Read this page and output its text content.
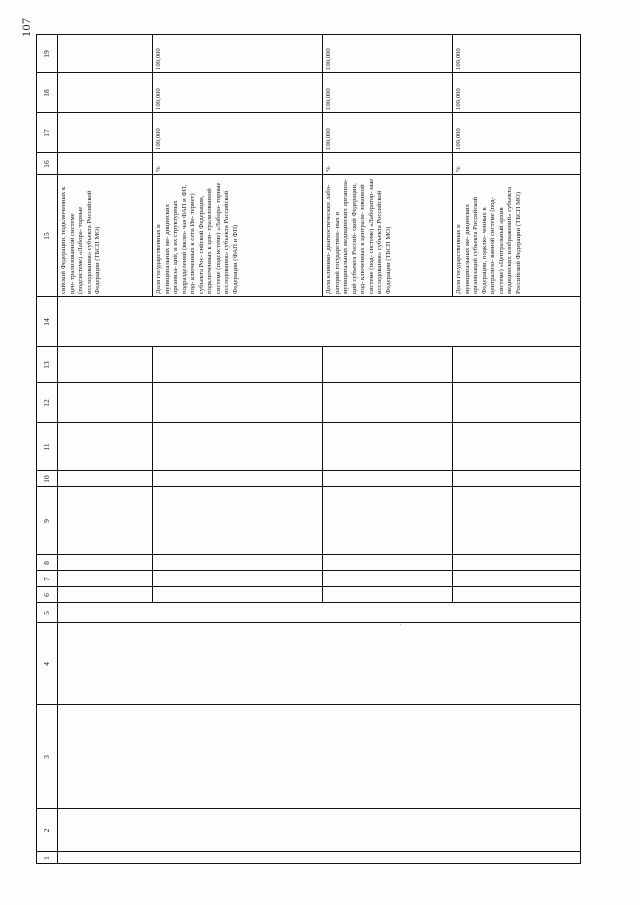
107
1
2
3
4
5
6
7
8
9
10
11
12
13
14
15
16
17
18
19
сийской Федерации, подключенных к цен- трализованной системе (подсистеме) «Лабора- торные исследования» субъекта Российской Федерации (ТБСП МО)	Доля государственных и муниципальных ме- дицинских организа- ций, и их структурных подразделений (вклю- чая ФАП и ФП, под- ключенных к сети Ин- тернет) субъекта Рос- сийской Федерации, подключенных к цен- трализованной системе (подсистеме) «Лабора- торные исследования» субъекта Российской Федерации (ФАП и ФП)
%
100,000
100,000
100,000
Доля клинико- диагностических лабо- раторий государствен- ных и муниципальных медицинских организа- ций субъекта Россий- ской Федерации, под- ключенных к централи- зованной системе (под- системе) «Лаборатор- ные исследования» субъекта Российской Федерации (ТБСП МО)
%
100,000
100,000
100,000
Доля государственных и муниципальных ме- дицинских организаций субъекта Российской Федерации, подклю- ченных к централизо- ванной системе (под- системе) «Центральный архив медицинских изображений» субъекта Российской Федерации (ТБСП МО)
%
100,000
100,000
100,000
